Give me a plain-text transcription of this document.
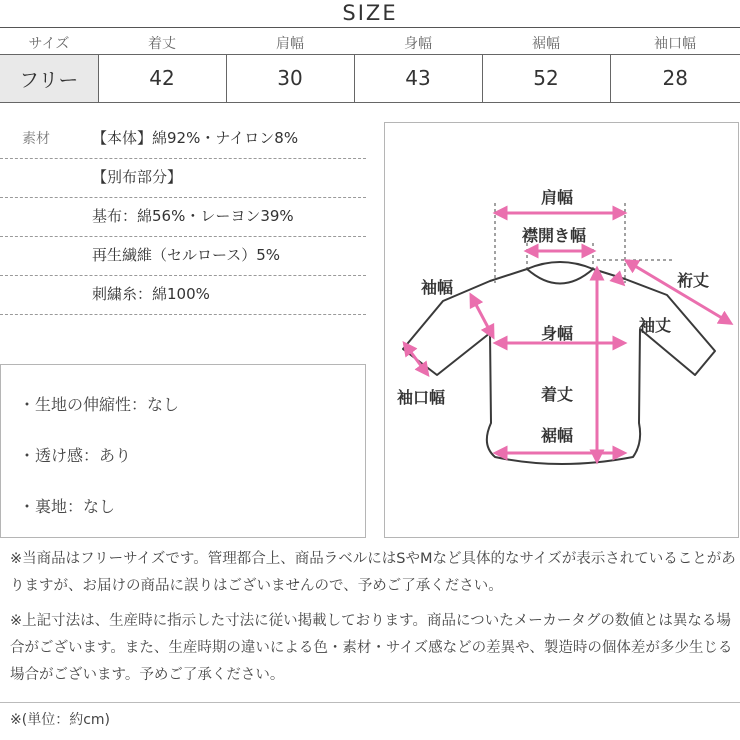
SIZE
サイズ	着丈	肩幅	身幅	裾幅	袖口幅
フリー	42	30	43	52	28
素材	【本体】綿92%・ナイロン8%
【別布部分】
基布：綿56%・レーヨン39%
再生繊維（セルロース）5%
刺繍糸：綿100%
・生地の伸縮性：なし
・透け感：あり
・裏地：なし
肩幅
襟開き幅
裄丈
袖幅
袖丈
身幅
袖口幅	着丈
裾幅
※当商品はフリーサイズです。管理都合上、商品ラベルにはSやMなど具体的なサイズが表示されていることがありますが、お届けの商品に誤りはございませんので、予めご了承ください。
※上記寸法は、生産時に指示した寸法に従い掲載しております。商品についたメーカータグの数値とは異なる場合がございます。また、生産時期の違いによる色・素材・サイズ感などの差異や、製造時の個体差が多少生じる場合がございます。予めご了承ください。
※(単位：約cm)
